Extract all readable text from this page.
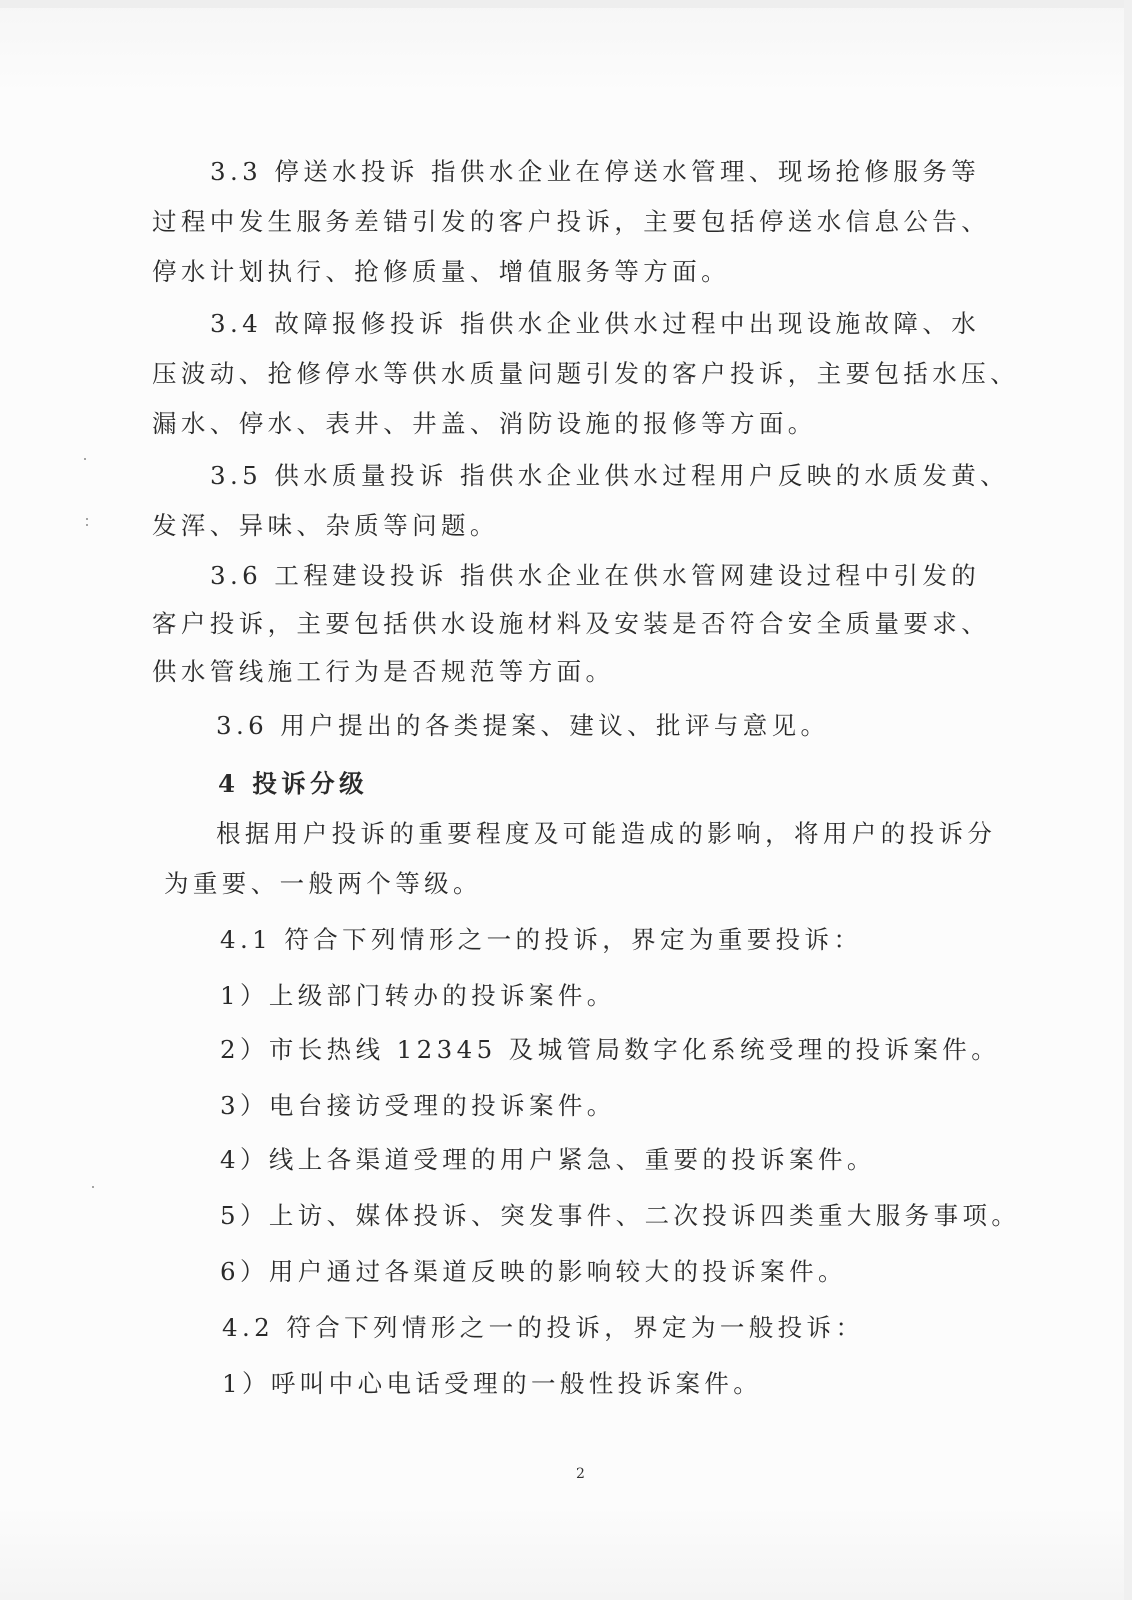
3.3 停送水投诉 指供水企业在停送水管理、现场抢修服务等
过程中发生服务差错引发的客户投诉，主要包括停送水信息公告、
停水计划执行、抢修质量、增值服务等方面。
3.4 故障报修投诉 指供水企业供水过程中出现设施故障、水
压波动、抢修停水等供水质量问题引发的客户投诉，主要包括水压、
漏水、停水、表井、井盖、消防设施的报修等方面。
3.5 供水质量投诉 指供水企业供水过程用户反映的水质发黄、
发浑、异味、杂质等问题。
3.6 工程建设投诉 指供水企业在供水管网建设过程中引发的
客户投诉，主要包括供水设施材料及安装是否符合安全质量要求、
供水管线施工行为是否规范等方面。
3.6 用户提出的各类提案、建议、批评与意见。
4 投诉分级
根据用户投诉的重要程度及可能造成的影响，将用户的投诉分
为重要、一般两个等级。
4.1 符合下列情形之一的投诉，界定为重要投诉：
1）上级部门转办的投诉案件。
2）市长热线 12345 及城管局数字化系统受理的投诉案件。
3）电台接访受理的投诉案件。
4）线上各渠道受理的用户紧急、重要的投诉案件。
5）上访、媒体投诉、突发事件、二次投诉四类重大服务事项。
6）用户通过各渠道反映的影响较大的投诉案件。
4.2 符合下列情形之一的投诉，界定为一般投诉：
1）呼叫中心电话受理的一般性投诉案件。
2
